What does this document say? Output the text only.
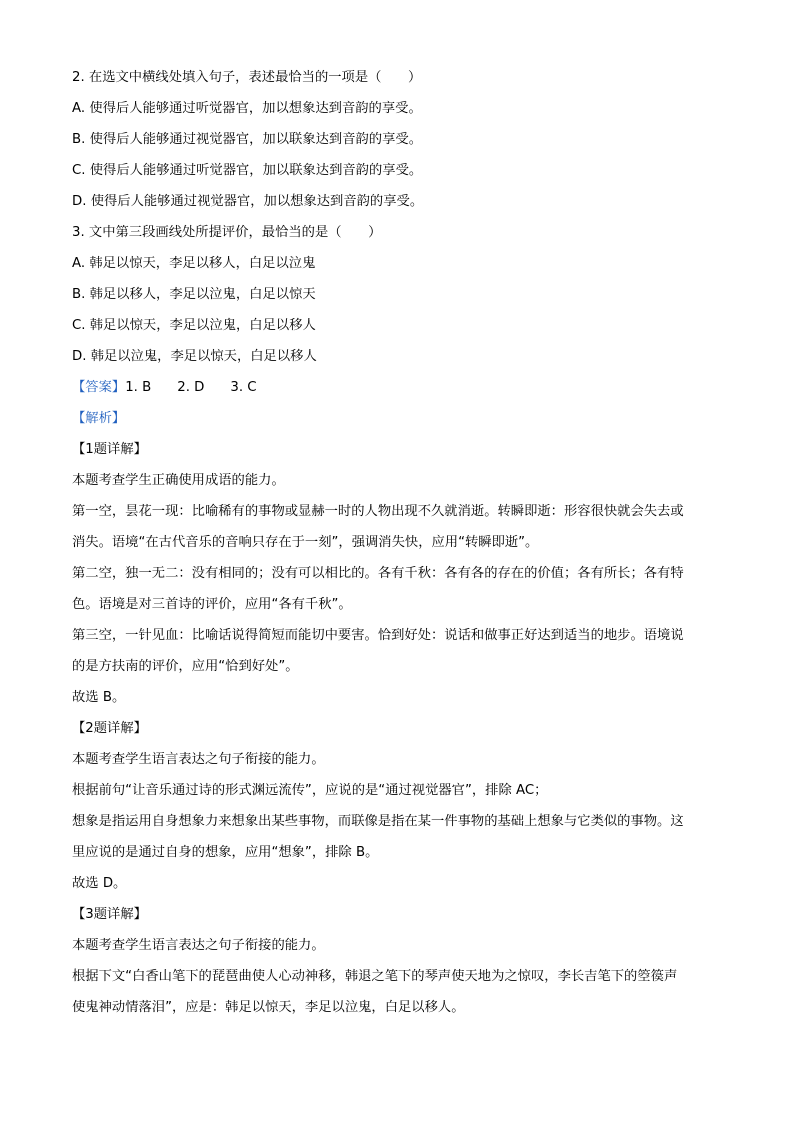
2. 在选文中横线处填入句子，表述最恰当的一项是（　　）
A. 使得后人能够通过听觉器官，加以想象达到音韵的享受。
B. 使得后人能够通过视觉器官，加以联象达到音韵的享受。
C. 使得后人能够通过听觉器官，加以联象达到音韵的享受。
D. 使得后人能够通过视觉器官，加以想象达到音韵的享受。
3. 文中第三段画线处所提评价，最恰当的是（　　）
A. 韩足以惊天，李足以移人，白足以泣鬼
B. 韩足以移人，李足以泣鬼，白足以惊天
C. 韩足以惊天，李足以泣鬼，白足以移人
D. 韩足以泣鬼，李足以惊天，白足以移人
【答案】1. B 2. D 3. C
【解析】
【1题详解】
本题考查学生正确使用成语的能力。
第一空，昙花一现：比喻稀有的事物或显赫一时的人物出现不久就消逝。转瞬即逝：形容很快就会失去或
消失。语境“在古代音乐的音响只存在于一刻”，强调消失快，应用“转瞬即逝”。
第二空，独一无二：没有相同的；没有可以相比的。各有千秋：各有各的存在的价值；各有所长；各有特
色。语境是对三首诗的评价，应用“各有千秋”。
第三空，一针见血：比喻话说得简短而能切中要害。恰到好处：说话和做事正好达到适当的地步。语境说
的是方扶南的评价，应用“恰到好处”。
故选 B。
【2题详解】
本题考查学生语言表达之句子衔接的能力。
根据前句“让音乐通过诗的形式渊远流传”，应说的是“通过视觉器官”，排除 AC；
想象是指运用自身想象力来想象出某些事物，而联像是指在某一件事物的基础上想象与它类似的事物。这
里应说的是通过自身的想象，应用“想象”，排除 B。
故选 D。
【3题详解】
本题考查学生语言表达之句子衔接的能力。
根据下文“白香山笔下的琵琶曲使人心动神移，韩退之笔下的琴声使天地为之惊叹，李长吉笔下的箜篌声
使鬼神动情落泪”，应是：韩足以惊天，李足以泣鬼，白足以移人。
